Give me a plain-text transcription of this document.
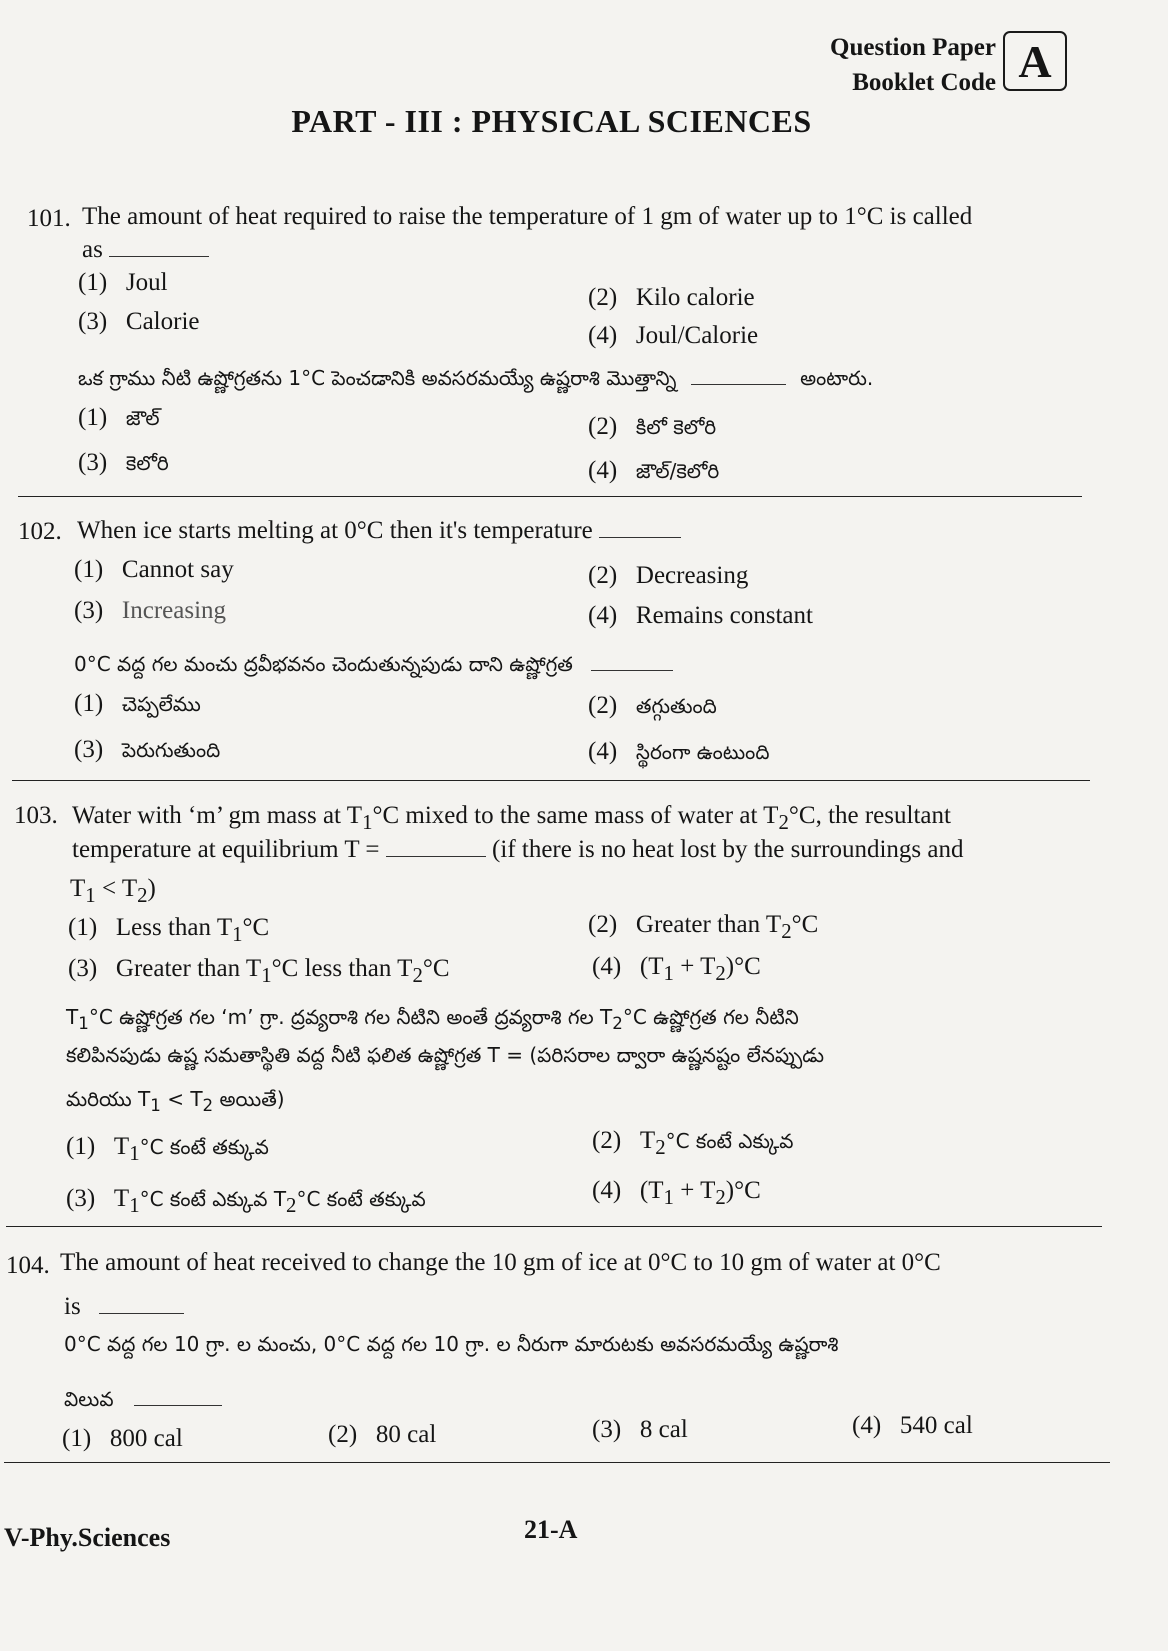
Question Paper
Booklet Code A
PART - III : PHYSICAL SCIENCES
101. The amount of heat required to raise the temperature of 1 gm of water up to 1°C is called
as
(1) Joul
(2) Kilo calorie
(3) Calorie
(4) Joul/Calorie
ఒక గ్రాము నీటి ఉష్ణోగ్రతను 1°C పెంచడానికి అవసరమయ్యే ఉష్ణరాశి మొత్తాన్ని	అంటారు.
(1) జౌల్	(2) కిలో కెలోరి
(3) కెలోరి	(4) జౌల్/కెలోరి
102. When ice starts melting at 0°C then it's temperature
(1) Cannot say	(2) Decreasing
(3) Increasing	(4) Remains constant
0°C వద్ద గల మంచు ద్రవీభవనం చెందుతున్నపుడు దాని ఉష్ణోగ్రత
(1) చెప్పలేము	(2) తగ్గుతుంది
(3) పెరుగుతుంది	(4) స్థిరంగా ఉంటుంది
103. Water with ‘m’ gm mass at $T_1^\circ C$ mixed to the same mass of water at $T_2^\circ C$, the resultant
temperature at equilibrium T =	(if there is no heat lost by the surroundings and
$T_1 < T_2$)
(1) Less than $T_1^\circ C$	(2) Greater than $T_2^\circ C$
(3) Greater than $T_1^\circ C$ less than $T_2^\circ C$	(4) $(T_1 + T_2)^\circ C$
$T_1^\circ C$ ఉష్ణోగ్రత గల ‘m’ గ్రా. ద్రవ్యరాశి గల నీటిని అంతే ద్రవ్యరాశి గల $T_2^\circ C$ ఉష్ణోగ్రత గల నీటిని
కలిపినపుడు ఉష్ణ సమతాస్థితి వద్ద నీటి ఫలిత ఉష్ణోగ్రత T = (పరిసరాల ద్వారా ఉష్ణనష్టం లేనప్పుడు
మరియు $T_1 < T_2$ అయితే)
(1) $T_1^\circ C$ కంటే తక్కువ	(2) $T_2^\circ C$ కంటే ఎక్కువ
(3) $T_1^\circ C$ కంటే ఎక్కువ $T_2^\circ C$ కంటే తక్కువ	(4) $(T_1 + T_2)^\circ C$
104. The amount of heat received to change the 10 gm of ice at 0°C to 10 gm of water at 0°C
is
0°C వద్ద గల 10 గ్రా. ల మంచు, 0°C వద్ద గల 10 గ్రా. ల నీరుగా మారుటకు అవసరమయ్యే ఉష్ణరాశి
విలువ
(1) 800 cal	(2) 80 cal	(3) 8 cal	(4) 540 cal
V-Phy.Sciences	21-A
